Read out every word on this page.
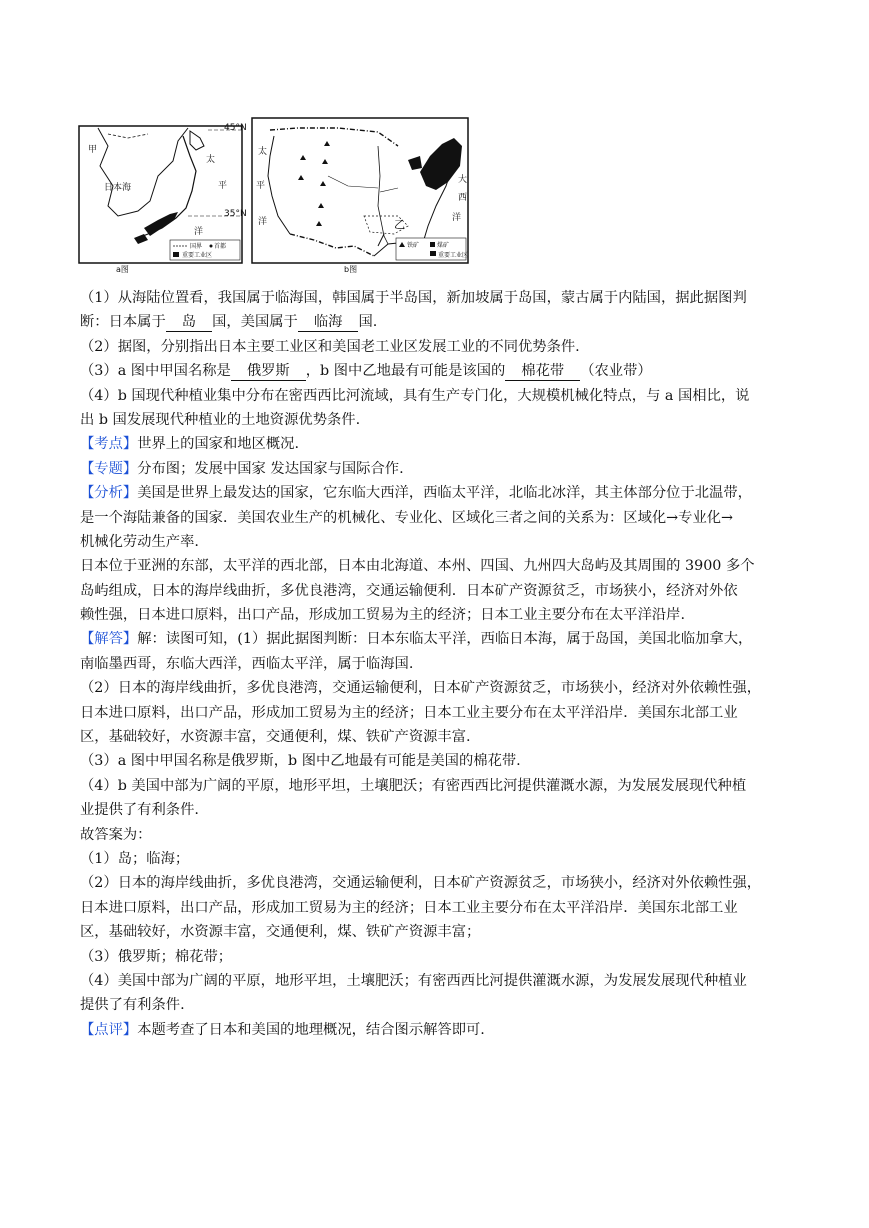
45°N
35°N
甲
日本海
太
平
洋
国界 首都
重要工业区
a图
乙
大
西
洋
太
平
洋
铁矿	煤矿
重要工业区
b图
（1）从海陆位置看，我国属于临海国，韩国属于半岛国，新加坡属于岛国，蒙古属于内陆国，据此据图判
断：日本属于 岛 国，美国属于 临海 国.
（2）据图，分别指出日本主要工业区和美国老工业区发展工业的不同优势条件.
（3）a 图中甲国名称是 俄罗斯 ，b 图中乙地最有可能是该国的 棉花带 （农业带）
（4）b 国现代种植业集中分布在密西西比河流域，具有生产专门化，大规模机械化特点，与 a 国相比，说
出 b 国发展现代种植业的土地资源优势条件.
【考点】世界上的国家和地区概况.
【专题】分布图；发展中国家 发达国家与国际合作.
【分析】美国是世界上最发达的国家，它东临大西洋，西临太平洋，北临北冰洋，其主体部分位于北温带，
是一个海陆兼备的国家．美国农业生产的机械化、专业化、区域化三者之间的关系为：区域化→专业化→
机械化劳动生产率.
日本位于亚洲的东部，太平洋的西北部，日本由北海道、本州、四国、九州四大岛屿及其周围的 3900 多个
岛屿组成，日本的海岸线曲折，多优良港湾，交通运输便利．日本矿产资源贫乏，市场狭小，经济对外依
赖性强，日本进口原料，出口产品，形成加工贸易为主的经济；日本工业主要分布在太平洋沿岸.
【解答】解：读图可知，(1）据此据图判断：日本东临太平洋，西临日本海，属于岛国，美国北临加拿大，
南临墨西哥，东临大西洋，西临太平洋，属于临海国.
（2）日本的海岸线曲折，多优良港湾，交通运输便利，日本矿产资源贫乏，市场狭小，经济对外依赖性强，
日本进口原料，出口产品，形成加工贸易为主的经济；日本工业主要分布在太平洋沿岸．美国东北部工业
区，基础较好，水资源丰富，交通便利，煤、铁矿产资源丰富.
（3）a 图中甲国名称是俄罗斯，b 图中乙地最有可能是美国的棉花带.
（4）b 美国中部为广阔的平原，地形平坦，土壤肥沃；有密西西比河提供灌溉水源，为发展发展现代种植
业提供了有利条件.
故答案为：
（1）岛；临海；
（2）日本的海岸线曲折，多优良港湾，交通运输便利，日本矿产资源贫乏，市场狭小，经济对外依赖性强，
日本进口原料，出口产品，形成加工贸易为主的经济；日本工业主要分布在太平洋沿岸．美国东北部工业
区，基础较好，水资源丰富，交通便利，煤、铁矿产资源丰富；
（3）俄罗斯；棉花带；
（4）美国中部为广阔的平原，地形平坦，土壤肥沃；有密西西比河提供灌溉水源，为发展发展现代种植业
提供了有利条件.
【点评】本题考查了日本和美国的地理概况，结合图示解答即可.
